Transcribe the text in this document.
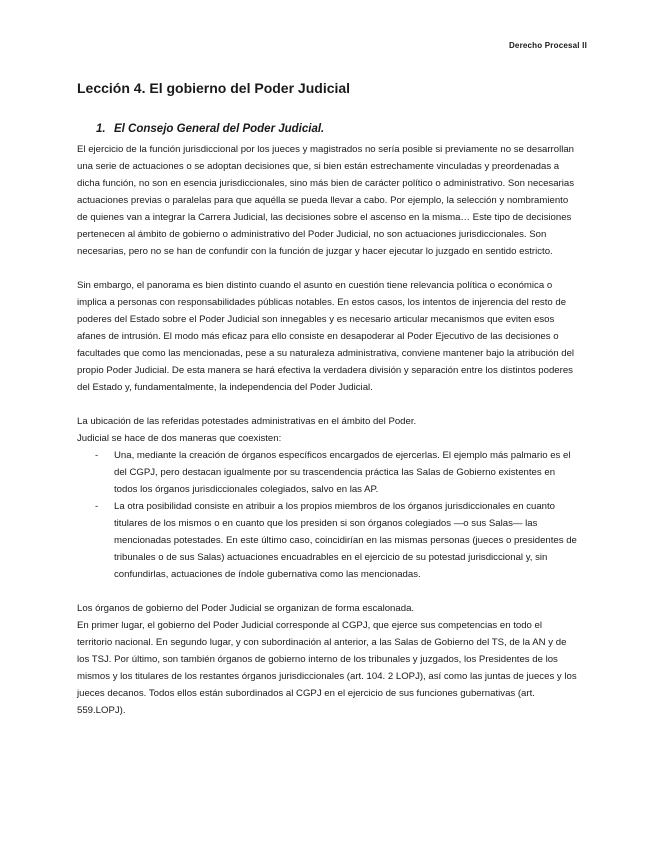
Derecho Procesal II
Lección 4. El gobierno del Poder Judicial
1. El Consejo General del Poder Judicial.

El ejercicio de la función jurisdiccional por los jueces y magistrados no sería posible si previamente no se desarrollan una serie de actuaciones o se adoptan decisiones que, si bien están estrechamente vinculadas y preordenadas a dicha función, no son en esencia jurisdiccionales, sino más bien de carácter político o administrativo. Son necesarias actuaciones previas o paralelas para que aquélla se pueda llevar a cabo. Por ejemplo, la selección y nombramiento de quienes van a integrar la Carrera Judicial, las decisiones sobre el ascenso en la misma… Este tipo de decisiones pertenecen al ámbito de gobierno o administrativo del Poder Judicial, no son actuaciones jurisdiccionales. Son necesarias, pero no se han de confundir con la función de juzgar y hacer ejecutar lo juzgado en sentido estricto.

Sin embargo, el panorama es bien distinto cuando el asunto en cuestión tiene relevancia política o económica o implica a personas con responsabilidades públicas notables. En estos casos, los intentos de injerencia del resto de poderes del Estado sobre el Poder Judicial son innegables y es necesario articular mecanismos que eviten esos afanes de intrusión. El modo más eficaz para ello consiste en desapoderar al Poder Ejecutivo de las decisiones o facultades que como las mencionadas, pese a su naturaleza administrativa, conviene mantener bajo la atribución del propio Poder Judicial. De esta manera se hará efectiva la verdadera división y separación entre los distintos poderes del Estado y, fundamentalmente, la independencia del Poder Judicial.

La ubicación de las referidas potestades administrativas en el ámbito del Poder.

Judicial se hace de dos maneras que coexisten:

- Una, mediante la creación de órganos específicos encargados de ejercerlas. El ejemplo más palmario es el del CGPJ, pero destacan igualmente por su trascendencia práctica las Salas de Gobierno existentes en todos los órganos jurisdiccionales colegiados, salvo en las AP.
- La otra posibilidad consiste en atribuir a los propios miembros de los órganos jurisdiccionales en cuanto titulares de los mismos o en cuanto que los presiden si son órganos colegiados —o sus Salas— las mencionadas potestades. En este último caso, coincidirían en las mismas personas (jueces o presidentes de tribunales o de sus Salas) actuaciones encuadrables en el ejercicio de su potestad jurisdiccional y, sin confundirlas, actuaciones de índole gubernativa como las mencionadas.

Los órganos de gobierno del Poder Judicial se organizan de forma escalonada.

En primer lugar, el gobierno del Poder Judicial corresponde al CGPJ, que ejerce sus competencias en todo el territorio nacional. En segundo lugar, y con subordinación al anterior, a las Salas de Gobierno del TS, de la AN y de los TSJ. Por último, son también órganos de gobierno interno de los tribunales y juzgados, los Presidentes de los mismos y los titulares de los restantes órganos jurisdiccionales (art. 104. 2 LOPJ), así como las juntas de jueces y los jueces decanos. Todos ellos están subordinados al CGPJ en el ejercicio de sus funciones gubernativas (art. 559.LOPJ).
